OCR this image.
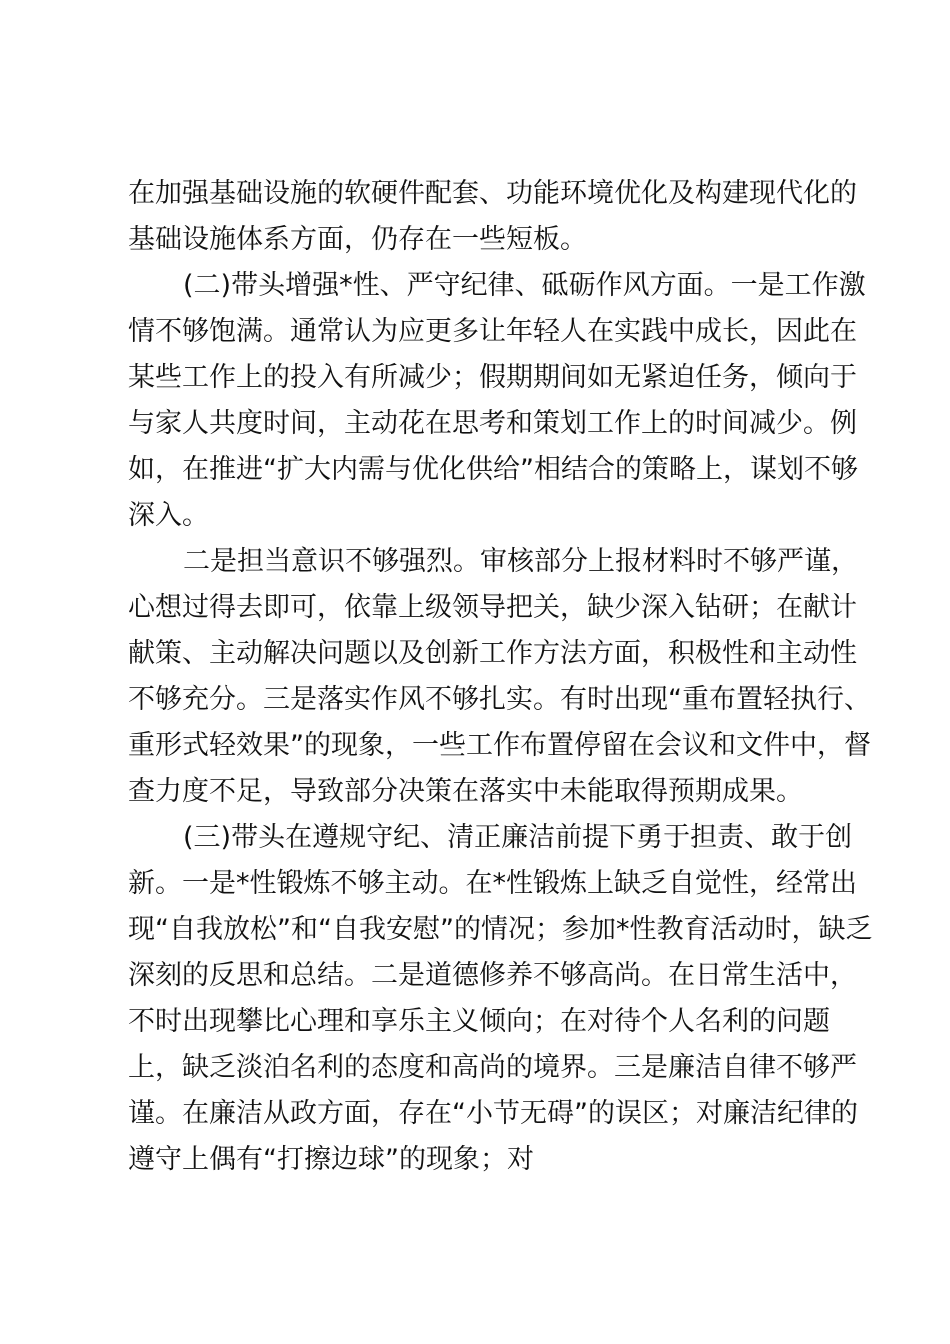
在加强基础设施的软硬件配套、功能环境优化及构建现代化的
基础设施体系方面，仍存在一些短板。
(二)带头增强*性、严守纪律、砥砺作风方面。一是工作激
情不够饱满。通常认为应更多让年轻人在实践中成长，因此在
某些工作上的投入有所减少；假期期间如无紧迫任务，倾向于
与家人共度时间，主动花在思考和策划工作上的时间减少。例
如，在推进“扩大内需与优化供给”相结合的策略上，谋划不够
深入。
二是担当意识不够强烈。审核部分上报材料时不够严谨，
心想过得去即可，依靠上级领导把关，缺少深入钻研；在献计
献策、主动解决问题以及创新工作方法方面，积极性和主动性
不够充分。三是落实作风不够扎实。有时出现“重布置轻执行、
重形式轻效果”的现象，一些工作布置停留在会议和文件中，督
查力度不足，导致部分决策在落实中未能取得预期成果。
(三)带头在遵规守纪、清正廉洁前提下勇于担责、敢于创
新。一是*性锻炼不够主动。在*性锻炼上缺乏自觉性，经常出
现“自我放松”和“自我安慰”的情况；参加*性教育活动时，缺乏
深刻的反思和总结。二是道德修养不够高尚。在日常生活中，
不时出现攀比心理和享乐主义倾向；在对待个人名利的问题
上，缺乏淡泊名利的态度和高尚的境界。三是廉洁自律不够严
谨。在廉洁从政方面，存在“小节无碍”的误区；对廉洁纪律的
遵守上偶有“打擦边球”的现象；对
